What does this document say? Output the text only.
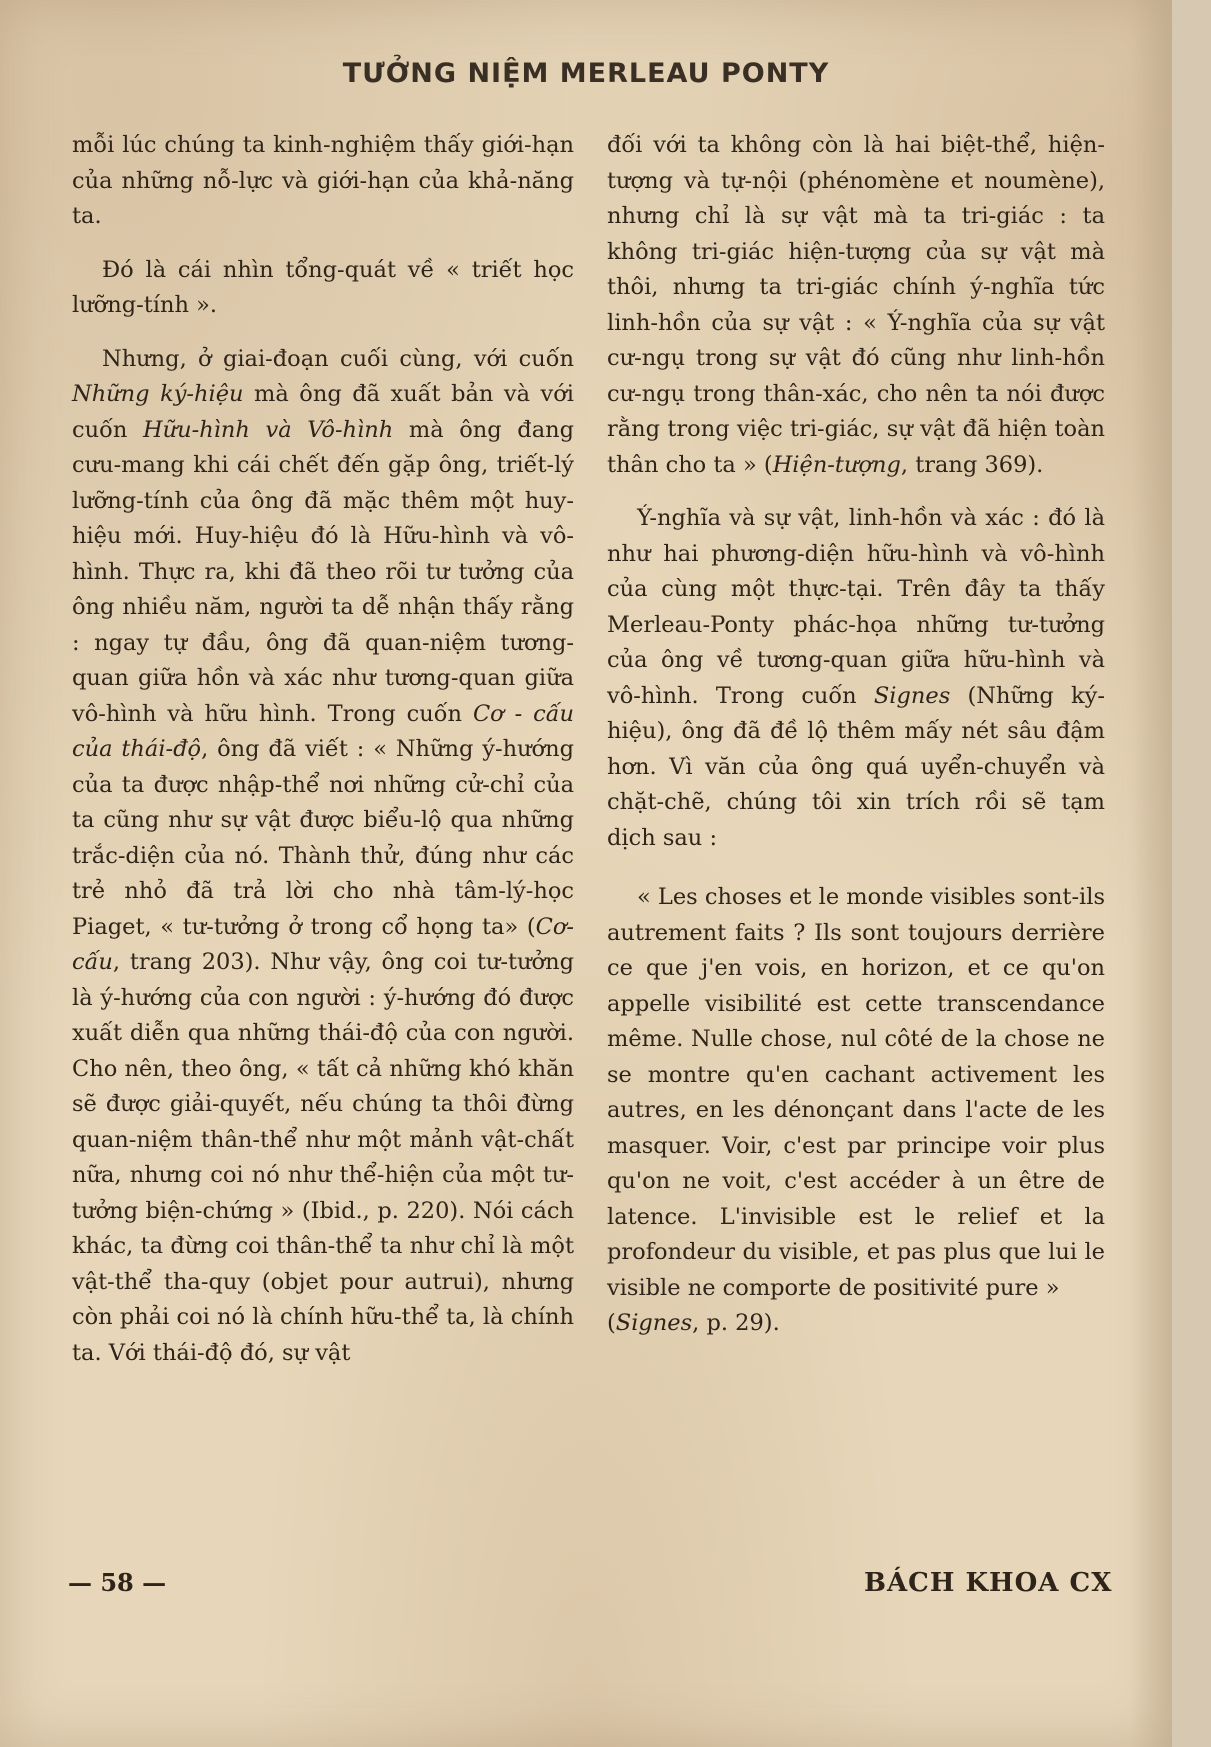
TƯỞNG NIỆM MERLEAU PONTY

mỗi lúc chúng ta kinh-nghiệm thấy giới-hạn của những nỗ-lực và giới-hạn của khả-năng ta.

Đó là cái nhìn tổng-quát về « triết học lưỡng-tính ».

Nhưng, ở giai-đoạn cuối cùng, với cuốn Những ký-hiệu mà ông đã xuất bản và với cuốn Hữu-hình và Vô-hình mà ông đang cưu-mang khi cái chết đến gặp ông, triết-lý lưỡng-tính của ông đã mặc thêm một huy-hiệu mới. Huy-hiệu đó là Hữu-hình và vô-hình. Thực ra, khi đã theo rõi tư tưởng của ông nhiều năm, người ta dễ nhận thấy rằng : ngay tự đầu, ông đã quan-niệm tương-quan giữa hồn và xác như tương-quan giữa vô-hình và hữu hình. Trong cuốn Cơ - cấu của thái-độ, ông đã viết : « Những ý-hướng của ta được nhập-thể nơi những cử-chỉ của ta cũng như sự vật được biểu-lộ qua những trắc-diện của nó. Thành thử, đúng như các trẻ nhỏ đã trả lời cho nhà tâm-lý-học Piaget, « tư-tưởng ở trong cổ họng ta» (Cơ-cấu, trang 203). Như vậy, ông coi tư-tưởng là ý-hướng của con người : ý-hướng đó được xuất diễn qua những thái-độ của con người. Cho nên, theo ông, « tất cả những khó khăn sẽ được giải-quyết, nếu chúng ta thôi đừng quan-niệm thân-thể như một mảnh vật-chất nữa, nhưng coi nó như thể-hiện của một tư-tưởng biện-chứng » (Ibid., p. 220). Nói cách khác, ta đừng coi thân-thể ta như chỉ là một vật-thể tha-quy (objet pour autrui), nhưng còn phải coi nó là chính hữu-thể ta, là chính ta. Với thái-độ đó, sự vật

đối với ta không còn là hai biệt-thể, hiện-tượng và tự-nội (phénomène et noumène), nhưng chỉ là sự vật mà ta tri-giác : ta không tri-giác hiện-tượng của sự vật mà thôi, nhưng ta tri-giác chính ý-nghĩa tức linh-hồn của sự vật : « Ý-nghĩa của sự vật cư-ngụ trong sự vật đó cũng như linh-hồn cư-ngụ trong thân-xác, cho nên ta nói được rằng trong việc tri-giác, sự vật đã hiện toàn thân cho ta » (Hiện-tượng, trang 369).

Ý-nghĩa và sự vật, linh-hồn và xác : đó là như hai phương-diện hữu-hình và vô-hình của cùng một thực-tại. Trên đây ta thấy Merleau-Ponty phác-họa những tư-tưởng của ông về tương-quan giữa hữu-hình và vô-hình. Trong cuốn Signes (Những ký-hiệu), ông đã đề lộ thêm mấy nét sâu đậm hơn. Vì văn của ông quá uyển-chuyển và chặt-chẽ, chúng tôi xin trích rồi sẽ tạm dịch sau :

« Les choses et le monde visibles sont-ils autrement faits ? Ils sont toujours derrière ce que j'en vois, en horizon, et ce qu'on appelle visibilité est cette transcendance même. Nulle chose, nul côté de la chose ne se montre qu'en cachant activement les autres, en les dénonçant dans l'acte de les masquer. Voir, c'est par principe voir plus qu'on ne voit, c'est accéder à un être de latence. L'invisible est le relief et la profondeur du visible, et pas plus que lui le visible ne comporte de positivité pure »
(Signes, p. 29).

— 58 —	BÁCH KHOA CX
